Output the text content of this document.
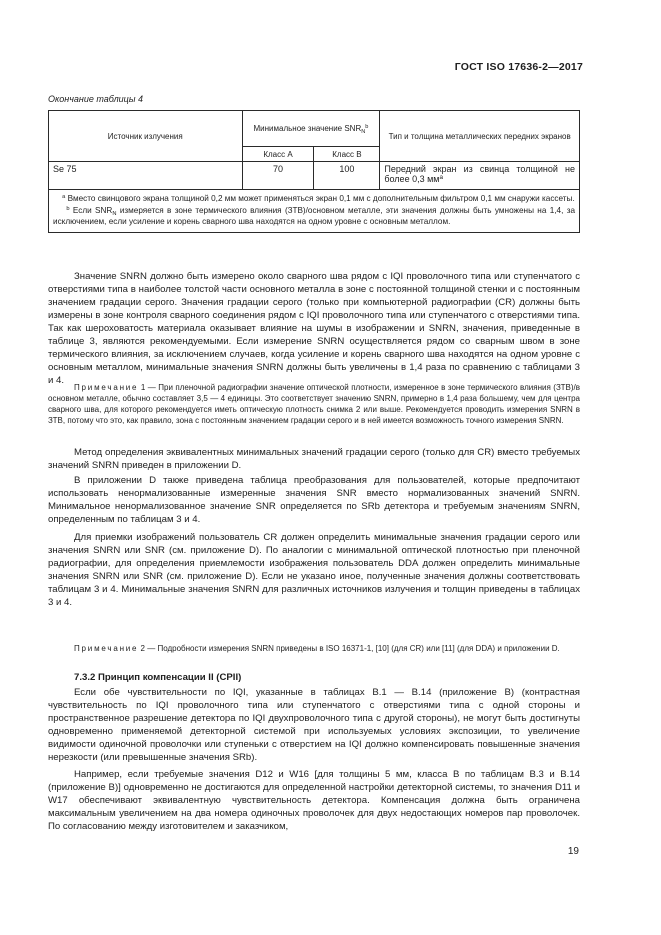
ГОСТ ISO 17636-2—2017
Окончание таблицы 4
Источник излучения	Минимальное значение $SNR_N^b$		Тип и толщина металлических передних экранов
	Класс А	Класс В	
Se 75	70	100	Передний экран из свинца толщиной не более 0,3 $мм^a$

$^a$ Вместо свинцового экрана толщиной 0,2 мм может применяться экран 0,1 мм с дополнительным фильтром 0,1 мм снаружи кассеты.

$^b$ Если $SNR_N$ измеряется в зоне термического влияния (ЗТВ)/основном металле, эти значения должны быть умножены на 1,4, за исключением, если усиление и корень сварного шва находятся на одном уровне с основным металлом.			

Значение SNRN должно быть измерено около сварного шва рядом с IQI проволочного типа или ступенчатого с отверстиями типа в наиболее толстой части основного металла в зоне с постоянной толщиной стенки и с постоянным значением градации серого. Значения градации серого (только при компьютерной радиографии (CR) должны быть измерены в зоне контроля сварного соединения рядом с IQI проволочного типа или ступенчатого с отверстиями типа. Так как шероховатость материала оказывает влияние на шумы в изображении и SNRN, значения, приведенные в таблице 3, являются рекомендуемыми. Если измерение SNRN осуществляется рядом со сварным швом в зоне термического влияния, за исключением случаев, когда усиление и корень сварного шва находятся на одном уровне с основным металлом, минимальные значения SNRN должны быть увеличены в 1,4 раза по сравнению с таблицами 3 и 4.

Примечание 1 — При пленочной радиографии значение оптической плотности, измеренное в зоне термического влияния (ЗТВ)/в основном металле, обычно составляет 3,5 — 4 единицы. Это соответствует значению SNRN, примерно в 1,4 раза большему, чем для центра сварного шва, для которого рекомендуется иметь оптическую плотность снимка 2 или выше. Рекомендуется проводить измерения SNRN в ЗТВ, потому что это, как правило, зона с постоянным значением градации серого и в ней имеется возможность точного измерения SNRN.

Метод определения эквивалентных минимальных значений градации серого (только для CR) вместо требуемых значений SNRN приведен в приложении D.

В приложении D также приведена таблица преобразования для пользователей, которые предпочитают использовать ненормализованные измеренные значения SNR вместо нормализованных значений SNRN. Минимальное ненормализованное значение SNR определяется по SRb детектора и требуемым значениям SNRN, определенным по таблицам 3 и 4.

Для приемки изображений пользователь CR должен определить минимальные значения градации серого или значения SNRN или SNR (см. приложение D). По аналогии с минимальной оптической плотностью при пленочной радиографии, для определения приемлемости изображения пользователь DDA должен определить минимальные значения SNRN или SNR (см. приложение D). Если не указано иное, полученные значения должны соответствовать таблицам 3 и 4. Минимальные значения SNRN для различных источников излучения и толщин приведены в таблицах 3 и 4.

Примечание 2 — Подробности измерения SNRN приведены в ISO 16371-1, [10] (для CR) или [11] (для DDA) и приложении D.

7.3.2 Принцип компенсации II (CPII)

Если обе чувствительности по IQI, указанные в таблицах В.1 — В.14 (приложение В) (контрастная чувствительность по IQI проволочного типа или ступенчатого с отверстиями типа с одной стороны и пространственное разрешение детектора по IQI двухпроволочного типа с другой стороны), не могут быть достигнуты одновременно применяемой детекторной системой при используемых условиях экспозиции, то увеличение видимости одиночной проволочки или ступеньки с отверстием на IQI должно компенсировать повышенные значения нерезкости (или превышенные значения SRb).

Например, если требуемые значения D12 и W16 [для толщины 5 мм, класса В по таблицам В.3 и В.14 (приложение В)] одновременно не достигаются для определенной настройки детекторной системы, то значения D11 и W17 обеспечивают эквивалентную чувствительность детектора. Компенсация должна быть ограничена максимальным увеличением на два номера одиночных проволочек для двух недостающих номеров пар проволочек. По согласованию между изготовителем и заказчиком,

19
